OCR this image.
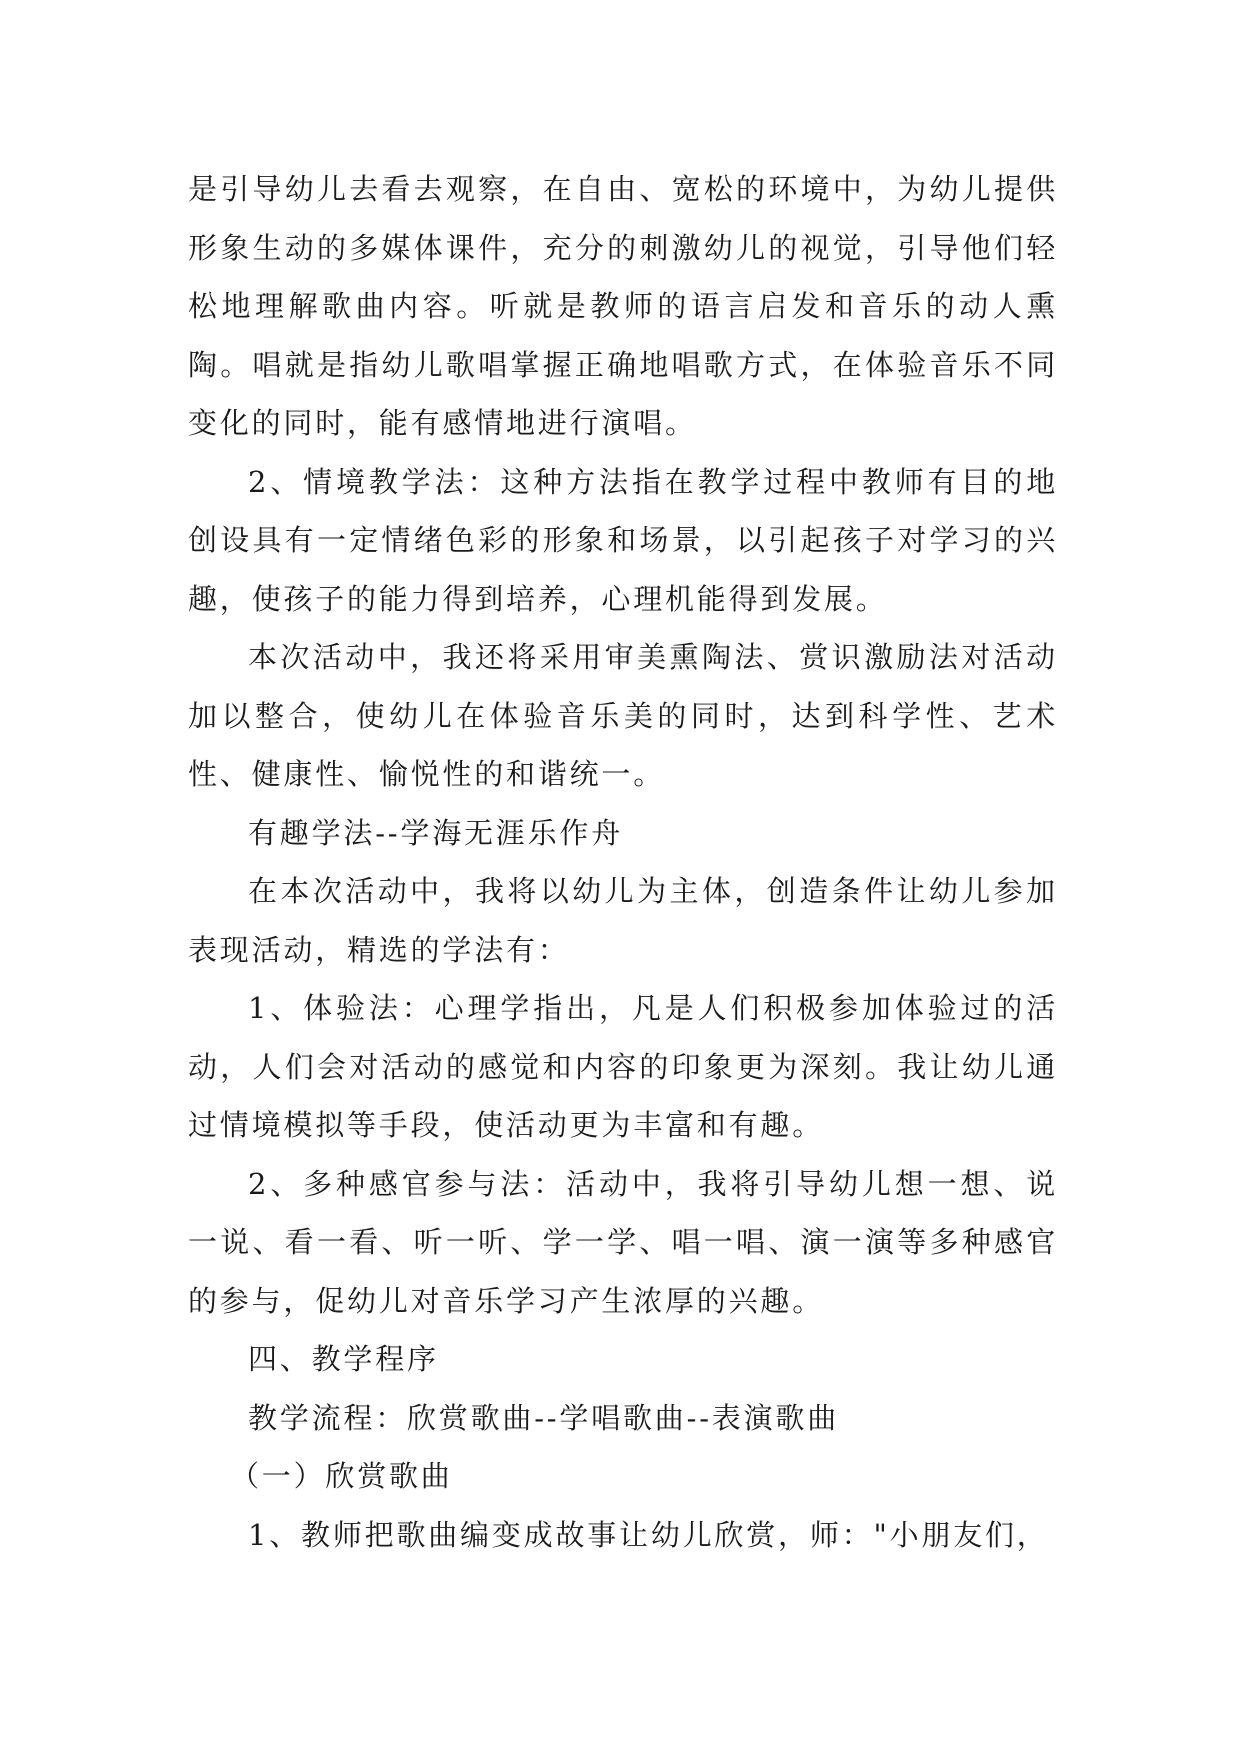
是引导幼儿去看去观察，在自由、宽松的环境中，为幼儿提供形象生动的多媒体课件，充分的刺激幼儿的视觉，引导他们轻松地理解歌曲内容。听就是教师的语言启发和音乐的动人熏陶。唱就是指幼儿歌唱掌握正确地唱歌方式，在体验音乐不同变化的同时，能有感情地进行演唱。

2、情境教学法：这种方法指在教学过程中教师有目的地创设具有一定情绪色彩的形象和场景，以引起孩子对学习的兴趣，使孩子的能力得到培养，心理机能得到发展。

本次活动中，我还将采用审美熏陶法、赏识激励法对活动加以整合，使幼儿在体验音乐美的同时，达到科学性、艺术性、健康性、愉悦性的和谐统一。

有趣学法--学海无涯乐作舟

在本次活动中，我将以幼儿为主体，创造条件让幼儿参加表现活动，精选的学法有：

1、体验法：心理学指出，凡是人们积极参加体验过的活动，人们会对活动的感觉和内容的印象更为深刻。我让幼儿通过情境模拟等手段，使活动更为丰富和有趣。

2、多种感官参与法：活动中，我将引导幼儿想一想、说一说、看一看、听一听、学一学、唱一唱、演一演等多种感官的参与，促幼儿对音乐学习产生浓厚的兴趣。

四、教学程序

教学流程：欣赏歌曲--学唱歌曲--表演歌曲

（一）欣赏歌曲

1、教师把歌曲编变成故事让幼儿欣赏，师："小朋友们，
